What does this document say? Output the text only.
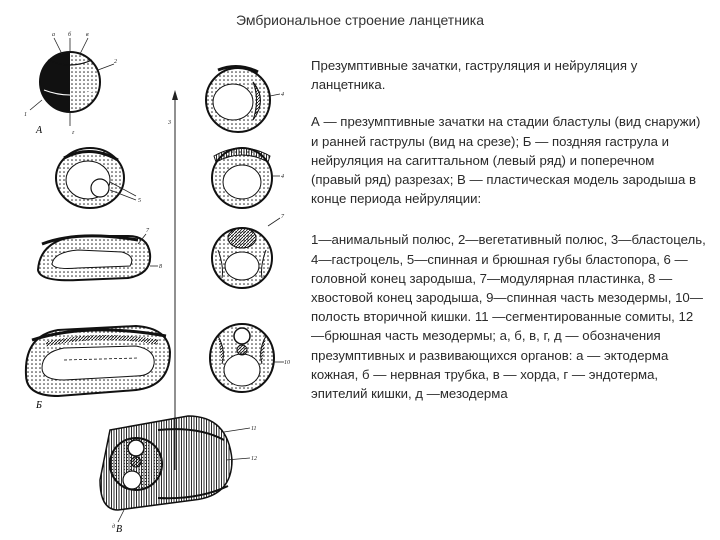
Эмбриональное строение ланцетника
А
Б
В
2
1
а б в
г
3
4
5
4
7
8
7
10
11
12
д

Презумптивные зачатки, гаструляция и нейруляция у ланцетника.

А — презумптивные зачатки на стадии бластулы (вид снаружи) и ранней гаструлы (вид на срезе); Б — поздняя гаструла и нейруляция на сагиттальном (левый ряд) и поперечном (правый ряд) разрезах; В — пластическая модель зародыша в конце периода нейруляции:

1—анимальный полюс, 2—вегетативный полюс, 3—бластоцель, 4—гастроцель, 5—спинная и брюшная губы бластопора, 6 — головной конец зародыша, 7—модулярная пластинка, 8 — хвостовой конец зародыша, 9—спинная часть мезодермы, 10—полость вторичной кишки. 11 —сегментированные сомиты, 12—брюшная часть мезодермы; а, б, в, г, д — обозначения презумптивных и развивающихся органов: а — эктодерма кожная, б — нервная трубка, в — хорда, г — эндотерма, эпителий кишки, д —мезодерма
